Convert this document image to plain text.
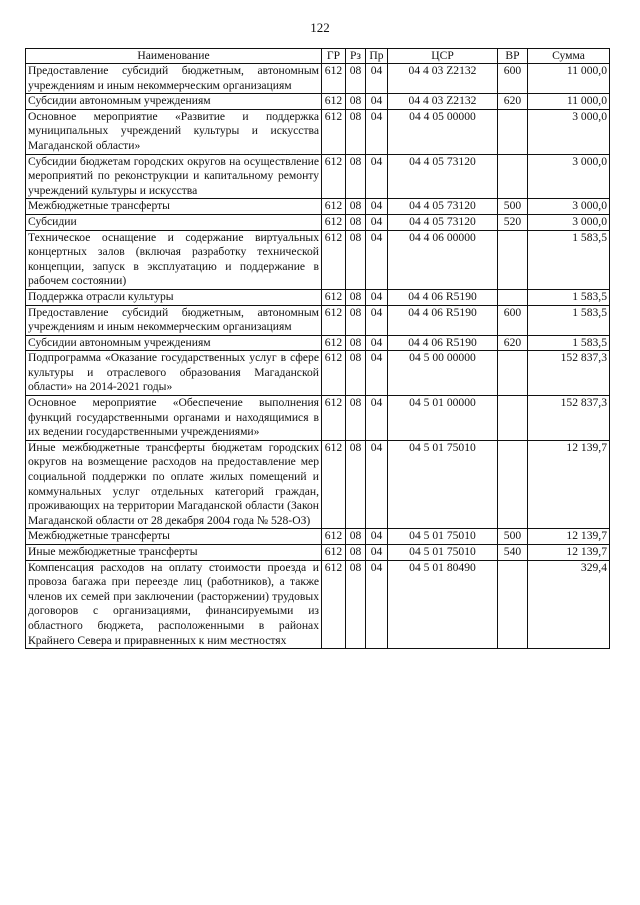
122
Наименование	ГР	Рз	Пр	ЦСР	ВР	Сумма
Предоставление субсидий бюджетным, автономным учреждениям и иным некоммерческим организациям	612	08	04	04 4 03 Z2132	600	11 000,0
Субсидии автономным учреждениям	612	08	04	04 4 03 Z2132	620	11 000,0
Основное мероприятие «Развитие и поддержка муниципальных учреждений культуры и искусства Магаданской области»	612	08	04	04 4 05 00000		3 000,0
Субсидии бюджетам городских округов на осуществление мероприятий по реконструкции и капитальному ремонту учреждений культуры и искусства	612	08	04	04 4 05 73120		3 000,0
Межбюджетные трансферты	612	08	04	04 4 05 73120	500	3 000,0
Субсидии	612	08	04	04 4 05 73120	520	3 000,0
Техническое оснащение и содержание виртуальных концертных залов (включая разработку технической концепции, запуск в эксплуатацию и поддержание в рабочем состоянии)	612	08	04	04 4 06 00000		1 583,5
Поддержка отрасли культуры	612	08	04	04 4 06 R5190		1 583,5
Предоставление субсидий бюджетным, автономным учреждениям и иным некоммерческим организациям	612	08	04	04 4 06 R5190	600	1 583,5
Субсидии автономным учреждениям	612	08	04	04 4 06 R5190	620	1 583,5
Подпрограмма «Оказание государственных услуг в сфере культуры и отраслевого образования Магаданской области» на 2014-2021 годы»	612	08	04	04 5 00 00000		152 837,3
Основное мероприятие «Обеспечение выполнения функций государственными органами и находящимися в их ведении государственными учреждениями»	612	08	04	04 5 01 00000		152 837,3
Иные межбюджетные трансферты бюджетам городских округов на возмещение расходов на предоставление мер социальной поддержки по оплате жилых помещений и коммунальных услуг отдельных категорий граждан, проживающих на территории Магаданской области (Закон Магаданской области от 28 декабря 2004 года № 528-ОЗ)	612	08	04	04 5 01 75010		12 139,7
Межбюджетные трансферты	612	08	04	04 5 01 75010	500	12 139,7
Иные межбюджетные трансферты	612	08	04	04 5 01 75010	540	12 139,7
Компенсация расходов на оплату стоимости проезда и провоза багажа при переезде лиц (работников), а также членов их семей при заключении (расторжении) трудовых договоров с организациями, финансируемыми из областного бюджета, расположенными в районах Крайнего Севера и приравненных к ним местностях	612	08	04	04 5 01 80490		329,4
